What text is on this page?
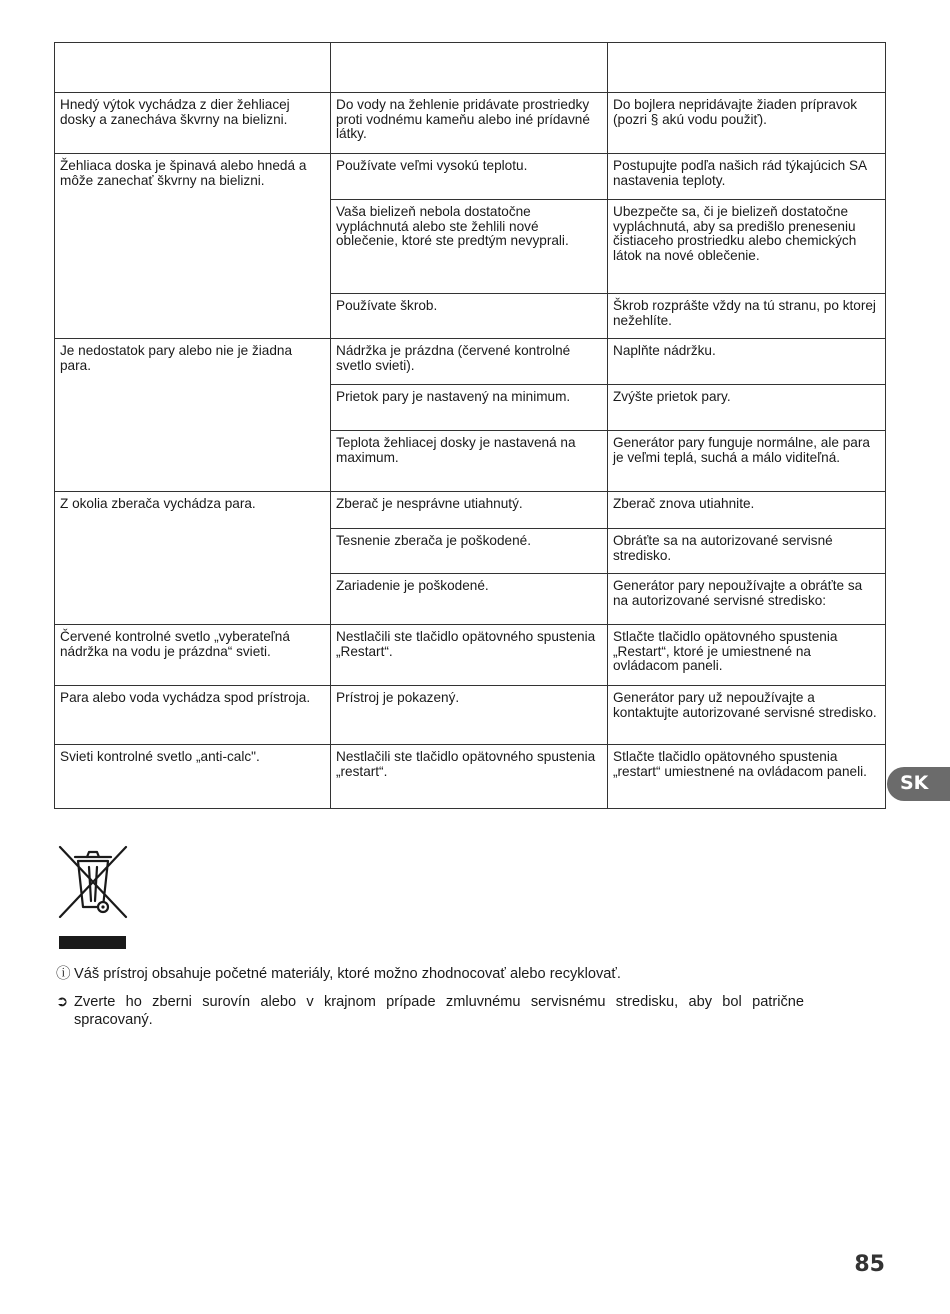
Hnedý výtok vychádza z dier žehliacej dosky a zanecháva škvrny na bielizni.	Do vody na žehlenie pridávate prostriedky proti vodnému kameňu alebo iné prídavné látky.	Do bojlera nepridávajte žiaden prípravok (pozri § akú vodu použiť).
Žehliaca doska je špinavá alebo hnedá a môže zanechať škvrny na bielizni.	Používate veľmi vysokú teplotu.	Postupujte podľa našich rád týkajúcich SA nastavenia teploty.
	Vaša bielizeň nebola dostatočne vypláchnutá alebo ste žehlili nové oblečenie, ktoré ste predtým nevyprali.	Ubezpečte sa, či je bielizeň dostatočne vypláchnutá, aby sa predišlo preneseniu čistiaceho prostriedku alebo chemických látok na nové oblečenie.
	Používate škrob.	Škrob rozprášte vždy na tú stranu, po ktorej nežehlíte.
Je nedostatok pary alebo nie je žiadna para.	Nádržka je prázdna (červené kontrolné svetlo svieti).	Naplňte nádržku.
	Prietok pary je nastavený na minimum.	Zvýšte prietok pary.
	Teplota žehliacej dosky je nastavená na maximum.	Generátor pary funguje normálne, ale para je veľmi teplá, suchá a málo viditeľná.
Z okolia zberača vychádza para.	Zberač je nesprávne utiahnutý.	Zberač znova utiahnite.
	Tesnenie zberača je poškodené.	Obráťte sa na autorizované servisné stredisko.
	Zariadenie je poškodené.	Generátor pary nepoužívajte a obráťte sa na autorizované servisné stredisko:
Červené kontrolné svetlo „vyberateľná nádržka na vodu je prázdna“ svieti.	Nestlačili ste tlačidlo opätovného spustenia „Restart“.	Stlačte tlačidlo opätovného spustenia „Restart“, ktoré je umiestnené na ovládacom paneli.
Para alebo voda vychádza spod prístroja.	Prístroj je pokazený.	Generátor pary už nepoužívajte a kontaktujte autorizované servisné stredisko.
Svieti kontrolné svetlo „anti-calc".	Nestlačili ste tlačidlo opätovného spustenia „restart“.	Stlačte tlačidlo opätovného spustenia „restart“ umiestnené na ovládacom paneli.
SK
ⓘ Váš prístroj obsahuje početné materiály, ktoré možno zhodnocovať alebo recyklovať.
➲ Zverte ho zberni surovín alebo v krajnom prípade zmluvnému servisnému stredisku, aby bol patrične spracovaný.
85
